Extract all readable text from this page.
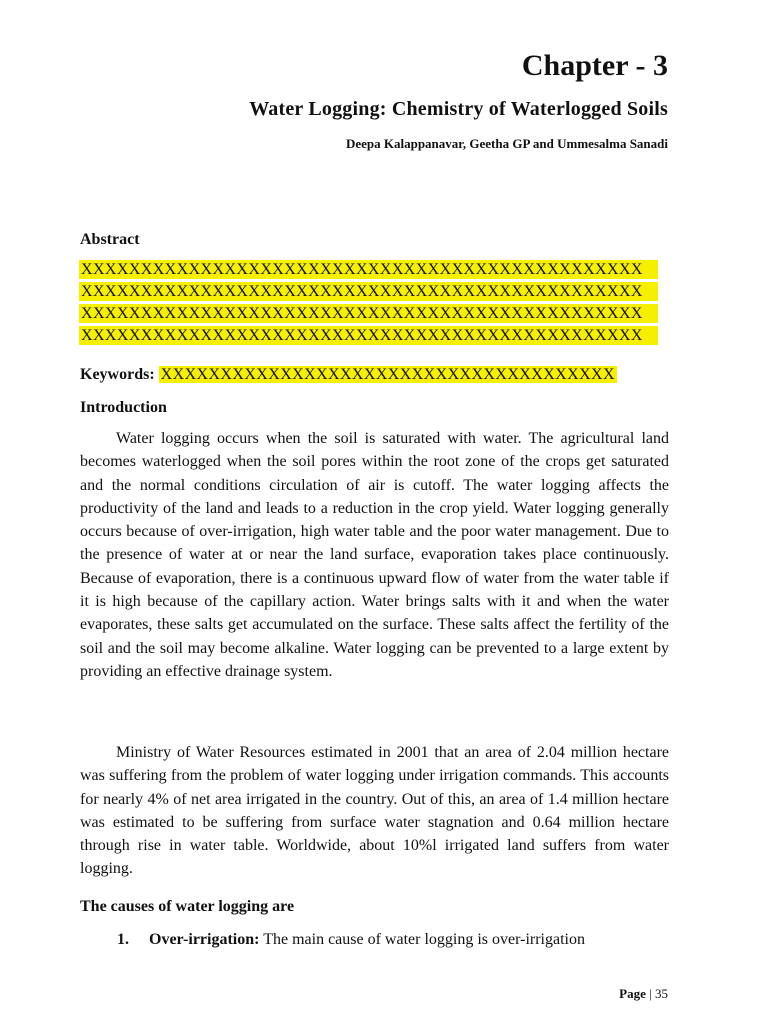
Chapter - 3
Water Logging: Chemistry of Waterlogged Soils
Deepa Kalappanavar, Geetha GP and Ummesalma Sanadi
Abstract
XXXXXXXXXXXXXXXXXXXXXXXXXXXXXXXXXXXXXXXXXXXXXXX
XXXXXXXXXXXXXXXXXXXXXXXXXXXXXXXXXXXXXXXXXXXXXXX
XXXXXXXXXXXXXXXXXXXXXXXXXXXXXXXXXXXXXXXXXXXXXXX
XXXXXXXXXXXXXXXXXXXXXXXXXXXXXXXXXXXXXXXXXXXXXXX
Keywords: XXXXXXXXXXXXXXXXXXXXXXXXXXXXXXXXXXXXXX
Introduction

Water logging occurs when the soil is saturated with water. The agricultural land becomes waterlogged when the soil pores within the root zone of the crops get saturated and the normal conditions circulation of air is cutoff. The water logging affects the productivity of the land and leads to a reduction in the crop yield. Water logging generally occurs because of over-irrigation, high water table and the poor water management. Due to the presence of water at or near the land surface, evaporation takes place continuously. Because of evaporation, there is a continuous upward flow of water from the water table if it is high because of the capillary action. Water brings salts with it and when the water evaporates, these salts get accumulated on the surface. These salts affect the fertility of the soil and the soil may become alkaline. Water logging can be prevented to a large extent by providing an effective drainage system.

Ministry of Water Resources estimated in 2001 that an area of 2.04 million hectare was suffering from the problem of water logging under irrigation commands. This accounts for nearly 4% of net area irrigated in the country. Out of this, an area of 1.4 million hectare was estimated to be suffering from surface water stagnation and 0.64 million hectare through rise in water table. Worldwide, about 10%l irrigated land suffers from water logging.

The causes of water logging are
1. Over-irrigation: The main cause of water logging is over-irrigation
Page | 35
